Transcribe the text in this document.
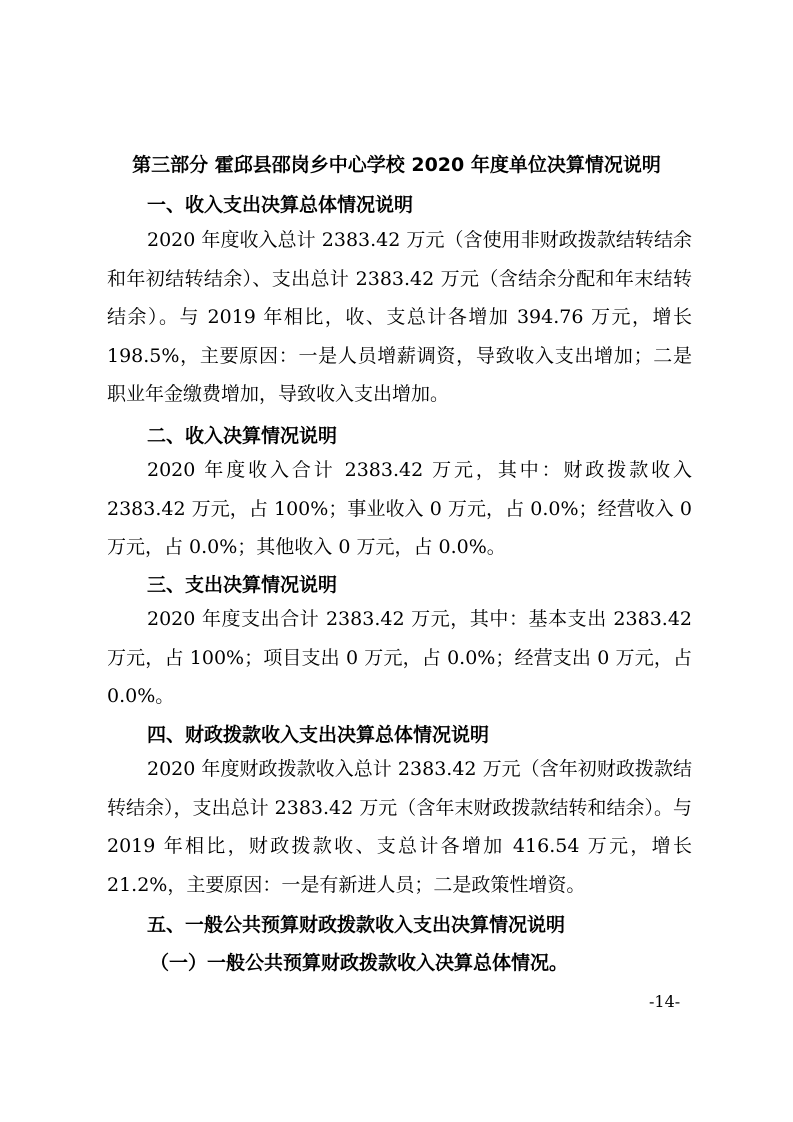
第三部分 霍邱县邵岗乡中心学校 2020 年度单位决算情况说明
一、收入支出决算总体情况说明

2020 年度收入总计 2383.42 万元（含使用非财政拨款结转结余和年初结转结余）、支出总计 2383.42 万元（含结余分配和年末结转结余）。与 2019 年相比，收、支总计各增加 394.76 万元，增长 198.5%，主要原因：一是人员增薪调资，导致收入支出增加；二是职业年金缴费增加，导致收入支出增加。

二、收入决算情况说明

2020 年度收入合计 2383.42 万元，其中：财政拨款收入 2383.42 万元，占 100%；事业收入 0 万元，占 0.0%；经营收入 0 万元，占 0.0%；其他收入 0 万元，占 0.0%。

三、支出决算情况说明

2020 年度支出合计 2383.42 万元，其中：基本支出 2383.42 万元，占 100%；项目支出 0 万元，占 0.0%；经营支出 0 万元，占 0.0%。

四、财政拨款收入支出决算总体情况说明

2020 年度财政拨款收入总计 2383.42 万元（含年初财政拨款结转结余），支出总计 2383.42 万元（含年末财政拨款结转和结余）。与 2019 年相比，财政拨款收、支总计各增加 416.54 万元，增长 21.2%，主要原因：一是有新进人员；二是政策性增资。

五、一般公共预算财政拨款收入支出决算情况说明
（一）一般公共预算财政拨款收入决算总体情况。

-14-
